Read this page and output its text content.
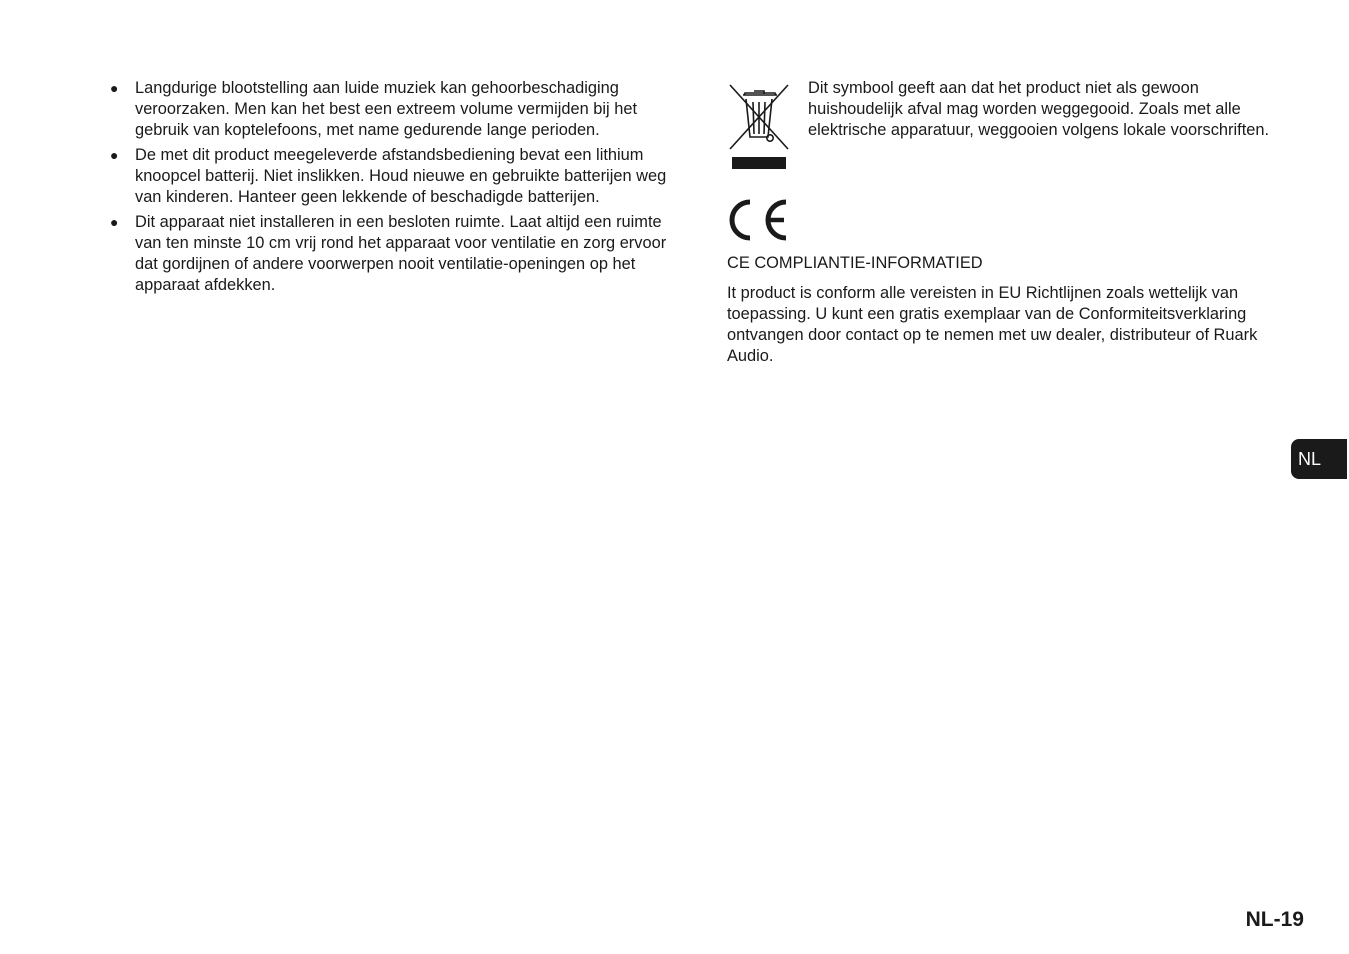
● Langdurige blootstelling aan luide muziek kan gehoorbeschadiging veroorzaken. Men kan het best een extreem volume vermijden bij het gebruik van koptelefoons, met name gedurende lange perioden.
● De met dit product meegeleverde afstandsbediening bevat een lithium knoopcel batterij. Niet inslikken. Houd nieuwe en gebruikte batterijen weg van kinderen. Hanteer geen lekkende of beschadigde batterijen.
● Dit apparaat niet installeren in een besloten ruimte. Laat altijd een ruimte van ten minste 10 cm vrij rond het apparaat voor ventilatie en zorg ervoor dat gordijnen of andere voorwerpen nooit ventilatie-openingen op het apparaat afdekken.
Dit symbool geeft aan dat het product niet als gewoon huishoudelijk afval mag worden weggegooid. Zoals met alle elektrische apparatuur, weggooien volgens lokale voorschriften.
CE COMPLIANTIE-INFORMATIED
It product is conform alle vereisten in EU Richtlijnen zoals wettelijk van toepassing. U kunt een gratis exemplaar van de Conformiteitsverklaring ontvangen door contact op te nemen met uw dealer, distributeur of Ruark Audio.
NL
NL-19
